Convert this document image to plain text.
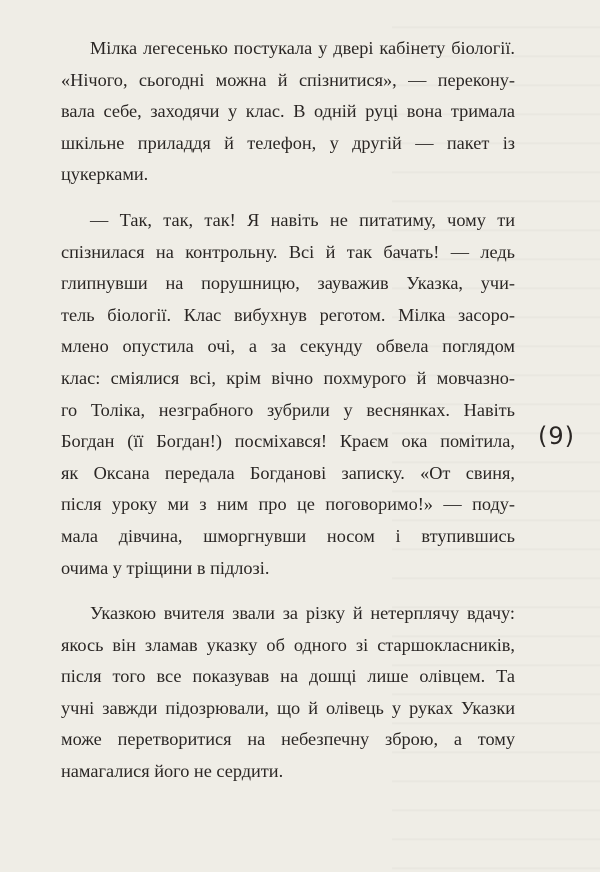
Мілка легесенько постукала у двері кабінету біології.
«Нічого, сьогодні можна й спізнитися», — перекону-
вала себе, заходячи у клас. В одній руці вона тримала
шкільне приладдя й телефон, у другій — пакет із
цукерками.

— Так, так, так! Я навіть не питатиму, чому ти
спізнилася на контрольну. Всі й так бачать! — ледь
глипнувши на порушницю, зауважив Указка, учи-
тель біології. Клас вибухнув реготом. Мілка засоро-
млено опустила очі, а за секунду обвела поглядом
клас: сміялися всі, крім вічно похмурого й мовчазно-
го Толіка, незграбного зубрили у веснянках. Навіть
Богдан (її Богдан!) посміхався! Краєм ока помітила,
як Оксана передала Богданові записку. «От свиня,
після уроку ми з ним про це поговоримо!» — поду-
мала дівчина, шморгнувши носом і втупившись
очима у тріщини в підлозі.

Указкою вчителя звали за різку й нетерплячу вдачу:
якось він зламав указку об одного зі старшокласників,
після того все показував на дошці лише олівцем. Та
учні завжди підозрювали, що й олівець у руках Указки
може перетворитися на небезпечну зброю, а тому
намагалися його не сердити.

(9)
